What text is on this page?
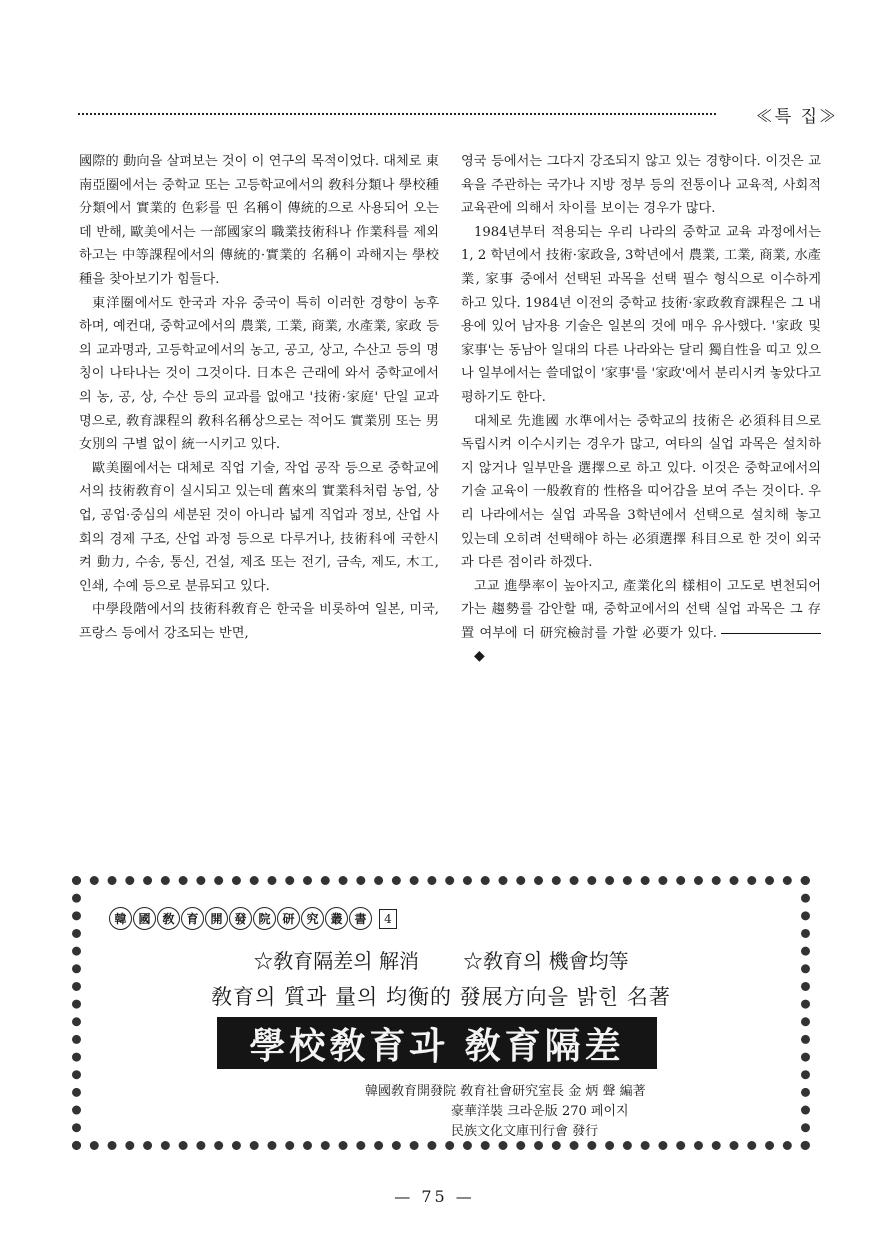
≪특 집≫

國際的 動向을 살펴보는 것이 이 연구의 목적이었다. 대체로 東南亞圈에서는 중학교 또는 고등학교에서의 敎科分類나 學校種 分類에서 實業的 色彩를 띤 名稱이 傳統的으로 사용되어 오는데 반해, 歐美에서는 一部國家의 職業技術科나 作業科를 제외하고는 中等課程에서의 傳統的·實業的 名稱이 과해지는 學校種을 찾아보기가 힘들다.

東洋圈에서도 한국과 자유 중국이 특히 이러한 경향이 농후하며, 예컨대, 중학교에서의 農業, 工業, 商業, 水產業, 家政 등의 교과명과, 고등학교에서의 농고, 공고, 상고, 수산고 등의 명칭이 나타나는 것이 그것이다. 日本은 근래에 와서 중학교에서의 농, 공, 상, 수산 등의 교과를 없애고 '技術·家庭' 단일 교과명으로, 敎育課程의 敎科名稱상으로는 적어도 實業別 또는 男女別의 구별 없이 統一시키고 있다.

歐美圈에서는 대체로 직업 기술, 작업 공작 등으로 중학교에서의 技術敎育이 실시되고 있는데 舊來의 實業科처럼 농업, 상업, 공업·중심의 세분된 것이 아니라 넓게 직업과 정보, 산업 사회의 경제 구조, 산업 과정 등으로 다루거나, 技術科에 국한시켜 動力, 수송, 통신, 건설, 제조 또는 전기, 금속, 제도, 木工, 인쇄, 수예 등으로 분류되고 있다.

中學段階에서의 技術科敎育은 한국을 비롯하여 일본, 미국, 프랑스 등에서 강조되는 반면,

영국 등에서는 그다지 강조되지 않고 있는 경향이다. 이것은 교육을 주관하는 국가나 지방 정부 등의 전통이나 교육적, 사회적 교육관에 의해서 차이를 보이는 경우가 많다.

1984년부터 적용되는 우리 나라의 중학교 교육 과정에서는 1, 2 학년에서 技術·家政을, 3학년에서 農業, 工業, 商業, 水產業, 家事 중에서 선택된 과목을 선택 필수 형식으로 이수하게 하고 있다. 1984년 이전의 중학교 技術·家政敎育課程은 그 내용에 있어 남자용 기술은 일본의 것에 매우 유사했다. '家政 및 家事'는 동남아 일대의 다른 나라와는 달리 獨自性을 띠고 있으나 일부에서는 쓸데없이 '家事'를 '家政'에서 분리시켜 놓았다고 평하기도 한다.

대체로 先進國 水準에서는 중학교의 技術은 必須科目으로 독립시켜 이수시키는 경우가 많고, 여타의 실업 과목은 설치하지 않거나 일부만을 選擇으로 하고 있다. 이것은 중학교에서의 기술 교육이 一般敎育的 性格을 띠어감을 보여 주는 것이다. 우리 나라에서는 실업 과목을 3학년에서 선택으로 설치해 놓고 있는데 오히려 선택해야 하는 必須選擇 科目으로 한 것이 외국과 다른 점이라 하겠다.

고교 進學率이 높아지고, 產業化의 樣相이 고도로 변천되어 가는 趨勢를 감안할 때, 중학교에서의 선택 실업 과목은 그 存置 여부에 더 研究檢討를 가할 必要가 있다.◆

韓 國 敎 育 開 發 院 研 究 叢 書	4
☆敎育隔差의 解消 ☆敎育의 機會均等
敎育의 質과 量의 均衡的 發展方向을 밝힌 名著
學校敎育과 敎育隔差
韓國敎育開發院 敎育社會研究室長 金 炳 聲 編著
豪華洋裝 크라운版 270 페이지
民族文化文庫刊行會 發行
— 75 —
